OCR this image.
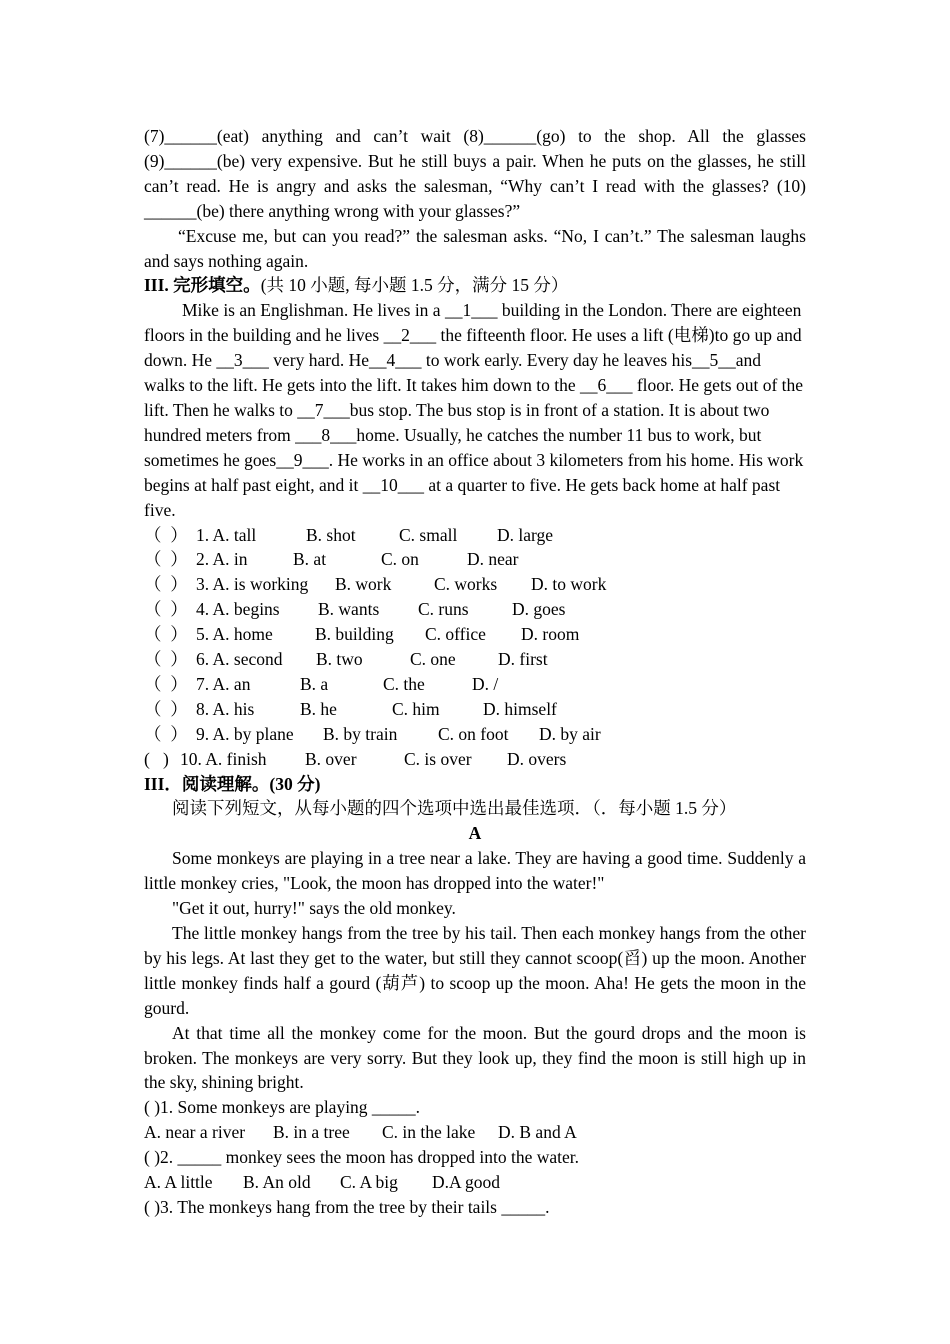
(7)______(eat) anything and can’t wait (8)______(go) to the shop. All the glasses (9)______(be) very expensive. But he still buys a pair. When he puts on the glasses, he still can’t read. He is angry and asks the salesman, “Why can’t I read with the glasses? (10) ______(be) there anything wrong with your glasses?”

“Excuse me, but can you read?” the salesman asks. “No, I can’t.” The salesman laughs and says nothing again.

III. 完形填空。(共 10 小题, 每小题 1.5 分，满分 15 分）

Mike is an Englishman. He lives in a __1___ building in the London. There are eighteen floors in the building and he lives __2___ the fifteenth floor. He uses a lift (电梯)to go up and down. He __3___ very hard. He__4___ to work early. Every day he leaves his__5__and walks to the lift. He gets into the lift. It takes him down to the __6___ floor. He gets out of the lift. Then he walks to __7___bus stop. The bus stop is in front of a station. It is about two hundred meters from ___8___home. Usually, he catches the number 11 bus to work, but sometimes he goes__9___. He works in an office about 3 kilometers from his home. His work begins at half past eight, and it __10___ at a quarter to five. He gets back home at half past five.

（  ） 1. A. tall	B. shot C. small D. large

（  ） 2. A. in	B. at	C. on	D. near

（  ） 3. A. is working B. work C. works D. to work

（  ） 4. A. begins B. wants C. runs D. goes

（  ） 5. A. home B. building C. office D. room

（  ） 6. A. second B. two	C. one D. first

（  ） 7. A. an	B. a	C. the	D. /

（  ） 8. A. his	B. he	C. him D. himself

（  ） 9. A. by plane B. by train C. on foot D. by air

(   ) 10. A. finish B. over	C. is over D. overs

III．阅读理解。(30 分)

阅读下列短文，从每小题的四个选项中选出最佳选项．（．每小题 1.5 分）

A

Some monkeys are playing in a tree near a lake. They are having a good time. Suddenly a little monkey cries, "Look, the moon has dropped into the water!"

"Get it out, hurry!" says the old monkey.

The little monkey hangs from the tree by his tail. Then each monkey hangs from the other by his legs. At last they get to the water, but still they cannot scoop(舀) up the moon. Another little monkey finds half a gourd (葫芦) to scoop up the moon. Aha! He gets the moon in the gourd.

At that time all the monkey come for the moon. But the gourd drops and the moon is broken. The monkeys are very sorry. But they look up, they find the moon is still high up in the sky, shining bright.

( )1. Some monkeys are playing _____.

A. near a river B. in a tree C. in the lake D. B and A

( )2. _____ monkey sees the moon has dropped into the water.

A. A little B. An old C. A big D.A good

( )3. The monkeys hang from the tree by their tails _____.
